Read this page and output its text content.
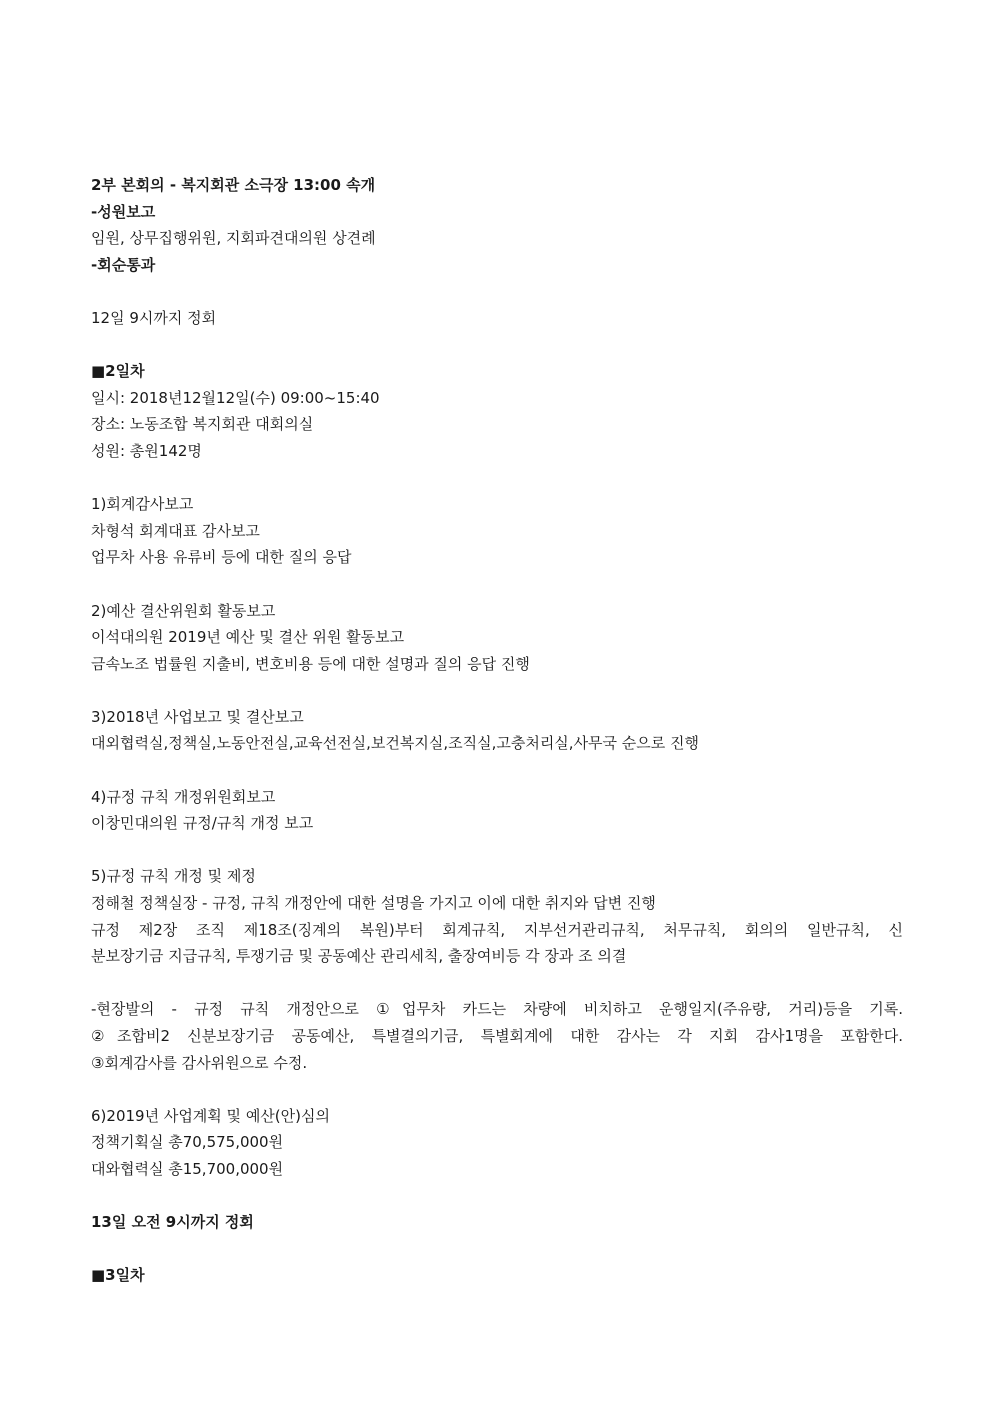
2부 본회의 - 복지회관 소극장 13:00 속개
-성원보고
임원, 상무집행위원, 지회파견대의원 상견례
-회순통과
12일 9시까지 정회
■2일차
일시: 2018년12월12일(수) 09:00~15:40
장소: 노동조합 복지회관 대회의실
성원: 총원142명
1)회계감사보고
차형석 회계대표 감사보고
업무차 사용 유류비 등에 대한 질의 응답
2)예산 결산위원회 활동보고
이석대의원 2019년 예산 및 결산 위원 활동보고
금속노조 법률원 지출비, 변호비용 등에 대한 설명과 질의 응답 진행
3)2018년 사업보고 및 결산보고
대외협력실,정책실,노동안전실,교육선전실,보건복지실,조직실,고충처리실,사무국 순으로 진행
4)규정 규칙 개정위원회보고
이창민대의원 규정/규칙 개정 보고
5)규정 규칙 개정 및 제정
정해철 정책실장 - 규정, 규칙 개정안에 대한 설명을 가지고 이에 대한 취지와 답변 진행
규정 제2장 조직 제18조(징계의 복원)부터 회계규칙, 지부선거관리규칙, 처무규칙, 회의의 일반규칙, 신
분보장기금 지급규칙, 투쟁기금 및 공동예산 관리세칙, 출장여비등 각 장과 조 의결
-현장발의 - 규정 규칙 개정안으로 ①업무차 카드는 차량에 비치하고 운행일지(주유량, 거리)등을 기록.
②조합비2 신분보장기금 공동예산, 특별결의기금, 특별회계에 대한 감사는 각 지회 감사1명을 포함한다.
③회계감사를 감사위원으로 수정.
6)2019년 사업계획 및 예산(안)심의
정책기획실 총70,575,000원
대와협력실 총15,700,000원
13일 오전 9시까지 정회
■3일차
